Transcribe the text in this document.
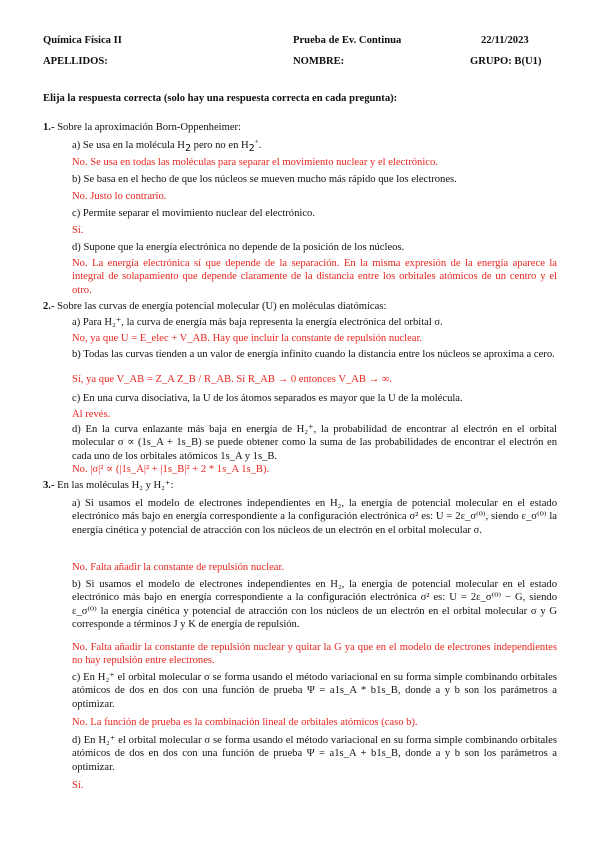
Química Física II	Prueba de Ev. Continua	22/11/2023
APELLIDOS:	NOMBRE:	GRUPO: B(U1)
Elija la respuesta correcta (solo hay una respuesta correcta en cada pregunta):
1.- Sobre la aproximación Born-Oppenheimer:
a) Se usa en la molécula $H_2$ pero no en $H_2^+$.
No. Se usa en todas las moléculas para separar el movimiento nuclear y el electrónico.
b) Se basa en el hecho de que los núcleos se mueven mucho más rápido que los electrones.
No. Justo lo contrario.
c) Permite separar el movimiento nuclear del electrónico.
Sí.
d) Supone que la energía electrónica no depende de la posición de los núcleos.
No. La energía electrónica sí que depende de la separación. En la misma expresión de la energía aparece la integral de solapamiento que depende claramente de la distancia entre los orbitales atómicos de un centro y el otro.
2.- Sobre las curvas de energía potencial molecular (U) en moléculas diatómicas:
a) Para H₂⁺, la curva de energía más baja representa la energía electrónica del orbital σ.
No, ya que U = E_elec + V_AB. Hay que incluir la constante de repulsión nuclear.
b) Todas las curvas tienden a un valor de energía infinito cuando la distancia entre los núcleos se aproxima a cero.
Sí, ya que V_AB = Z_A Z_B / R_AB. Si R_AB → 0 entonces V_AB → ∞.
c) En una curva disociativa, la U de los átomos separados es mayor que la U de la molécula.
Al revés.
d) En la curva enlazante más baja en energía de H₂⁺, la probabilidad de encontrar al electrón en el orbital molecular σ ∝ (1s_A + 1s_B) se puede obtener como la suma de las probabilidades de encontrar el electrón en cada uno de los orbitales atómicos 1s_A y 1s_B.
No. |σ|² ∝ (|1s_A|² + |1s_B|² + 2 * 1s_A 1s_B).
3.- En las moléculas H₂ y H₂⁺:
a) Si usamos el modelo de electrones independientes en H₂, la energía de potencial molecular en el estado electrónico más bajo en energía correspondiente a la configuración electrónica σ² es: U = 2ε_σ⁽⁰⁾, siendo ε_σ⁽⁰⁾ la energía cinética y potencial de atracción con los núcleos de un electrón en el orbital molecular σ.
No. Falta añadir la constante de repulsión nuclear.
b) Si usamos el modelo de electrones independientes en H₂, la energía de potencial molecular en el estado electrónico más bajo en energía correspondiente a la configuración electrónica σ² es: U = 2ε_σ⁽⁰⁾ − G, siendo ε_σ⁽⁰⁾ la energía cinética y potencial de atracción con los núcleos de un electrón en el orbital molecular σ y G corresponde a términos J y K de energía de repulsión.
No. Falta añadir la constante de repulsión nuclear y quitar la G ya que en el modelo de electrones independientes no hay repulsión entre electrones.
c) En H₂⁺ el orbital molecular σ se forma usando el método variacional en su forma simple combinando orbitales atómicos de dos en dos con una función de prueba Ψ = a1s_A * b1s_B, donde a y b son los parámetros a optimizar.
No. La función de prueba es la combinación lineal de orbitales atómicos (caso b).
d) En H₂⁺ el orbital molecular σ se forma usando el método variacional en su forma simple combinando orbitales atómicos de dos en dos con una función de prueba Ψ = a1s_A + b1s_B, donde a y b son los parámetros a optimizar.
Sí.
